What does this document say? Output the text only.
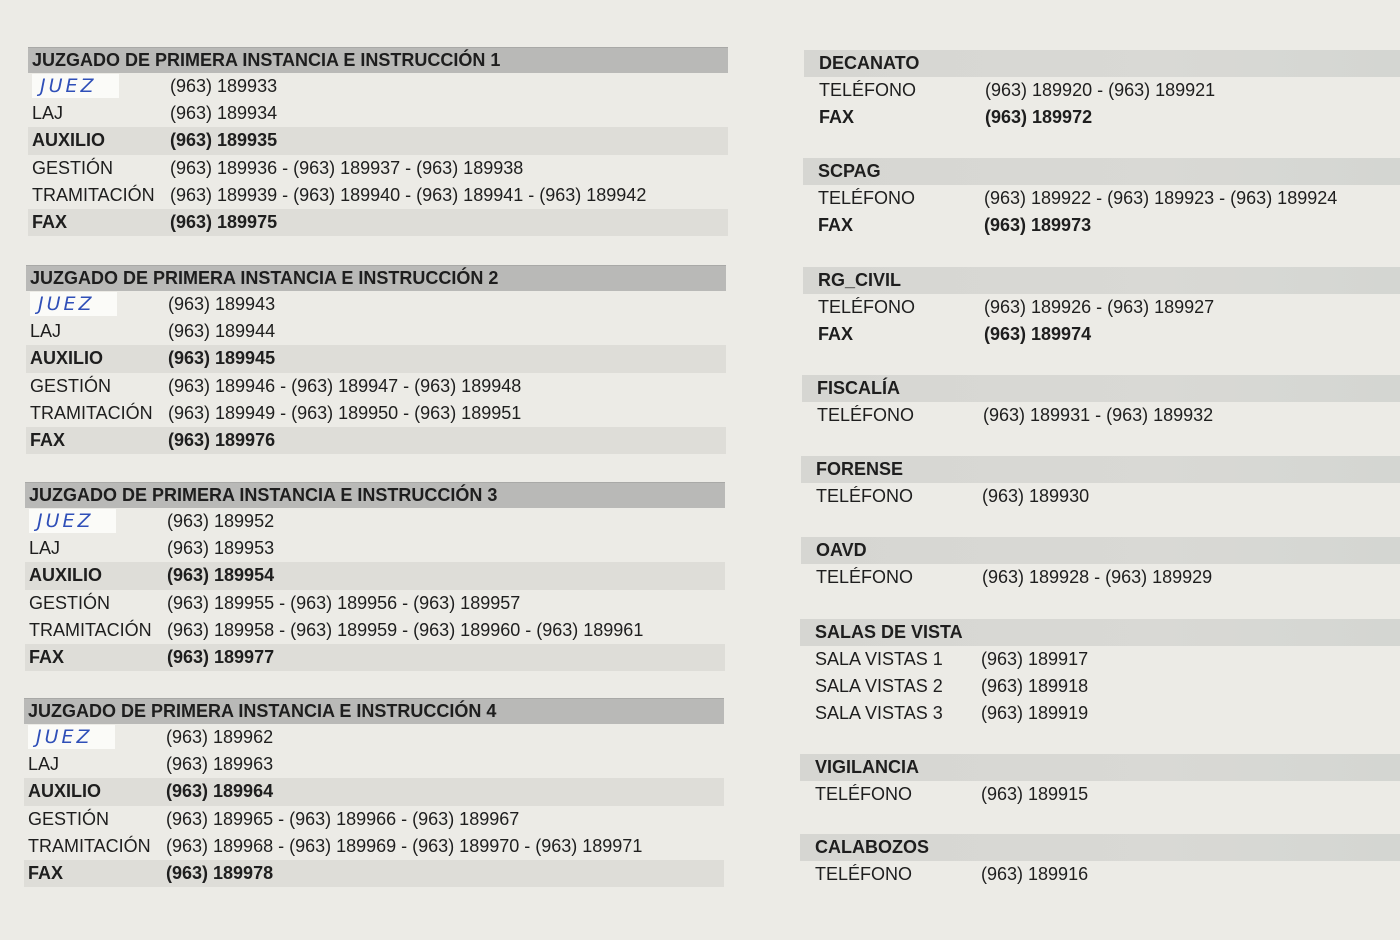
JUZGADO DE PRIMERA INSTANCIA E INSTRUCCIÓN 1
JUEZ	(963) 189933
LAJ	(963) 189934
AUXILIO	(963) 189935
GESTIÓN	(963) 189936 - (963) 189937 - (963) 189938
TRAMITACIÓN (963) 189939 - (963) 189940 - (963) 189941 - (963) 189942
FAX	(963) 189975
JUZGADO DE PRIMERA INSTANCIA E INSTRUCCIÓN 2
JUEZ	(963) 189943
LAJ	(963) 189944
AUXILIO	(963) 189945
GESTIÓN	(963) 189946 - (963) 189947 - (963) 189948
TRAMITACIÓN (963) 189949 - (963) 189950 - (963) 189951
FAX	(963) 189976
JUZGADO DE PRIMERA INSTANCIA E INSTRUCCIÓN 3
JUEZ	(963) 189952
LAJ	(963) 189953
AUXILIO	(963) 189954
GESTIÓN	(963) 189955 - (963) 189956 - (963) 189957
TRAMITACIÓN (963) 189958 - (963) 189959 - (963) 189960 - (963) 189961
FAX	(963) 189977
JUZGADO DE PRIMERA INSTANCIA E INSTRUCCIÓN 4
JUEZ	(963) 189962
LAJ	(963) 189963
AUXILIO	(963) 189964
GESTIÓN	(963) 189965 - (963) 189966 - (963) 189967
TRAMITACIÓN (963) 189968 - (963) 189969 - (963) 189970 - (963) 189971
FAX	(963) 189978
DECANATO
TELÉFONO	(963) 189920 - (963) 189921
FAX	(963) 189972
SCPAG
TELÉFONO	(963) 189922 - (963) 189923 - (963) 189924
FAX	(963) 189973
RG_CIVIL
TELÉFONO	(963) 189926 - (963) 189927
FAX	(963) 189974
FISCALÍA
TELÉFONO	(963) 189931 - (963) 189932
FORENSE
TELÉFONO	(963) 189930
OAVD
TELÉFONO	(963) 189928 - (963) 189929
SALAS DE VISTA
SALA VISTAS 1	(963) 189917
SALA VISTAS 2	(963) 189918
SALA VISTAS 3	(963) 189919
VIGILANCIA
TELÉFONO	(963) 189915
CALABOZOS
TELÉFONO	(963) 189916
